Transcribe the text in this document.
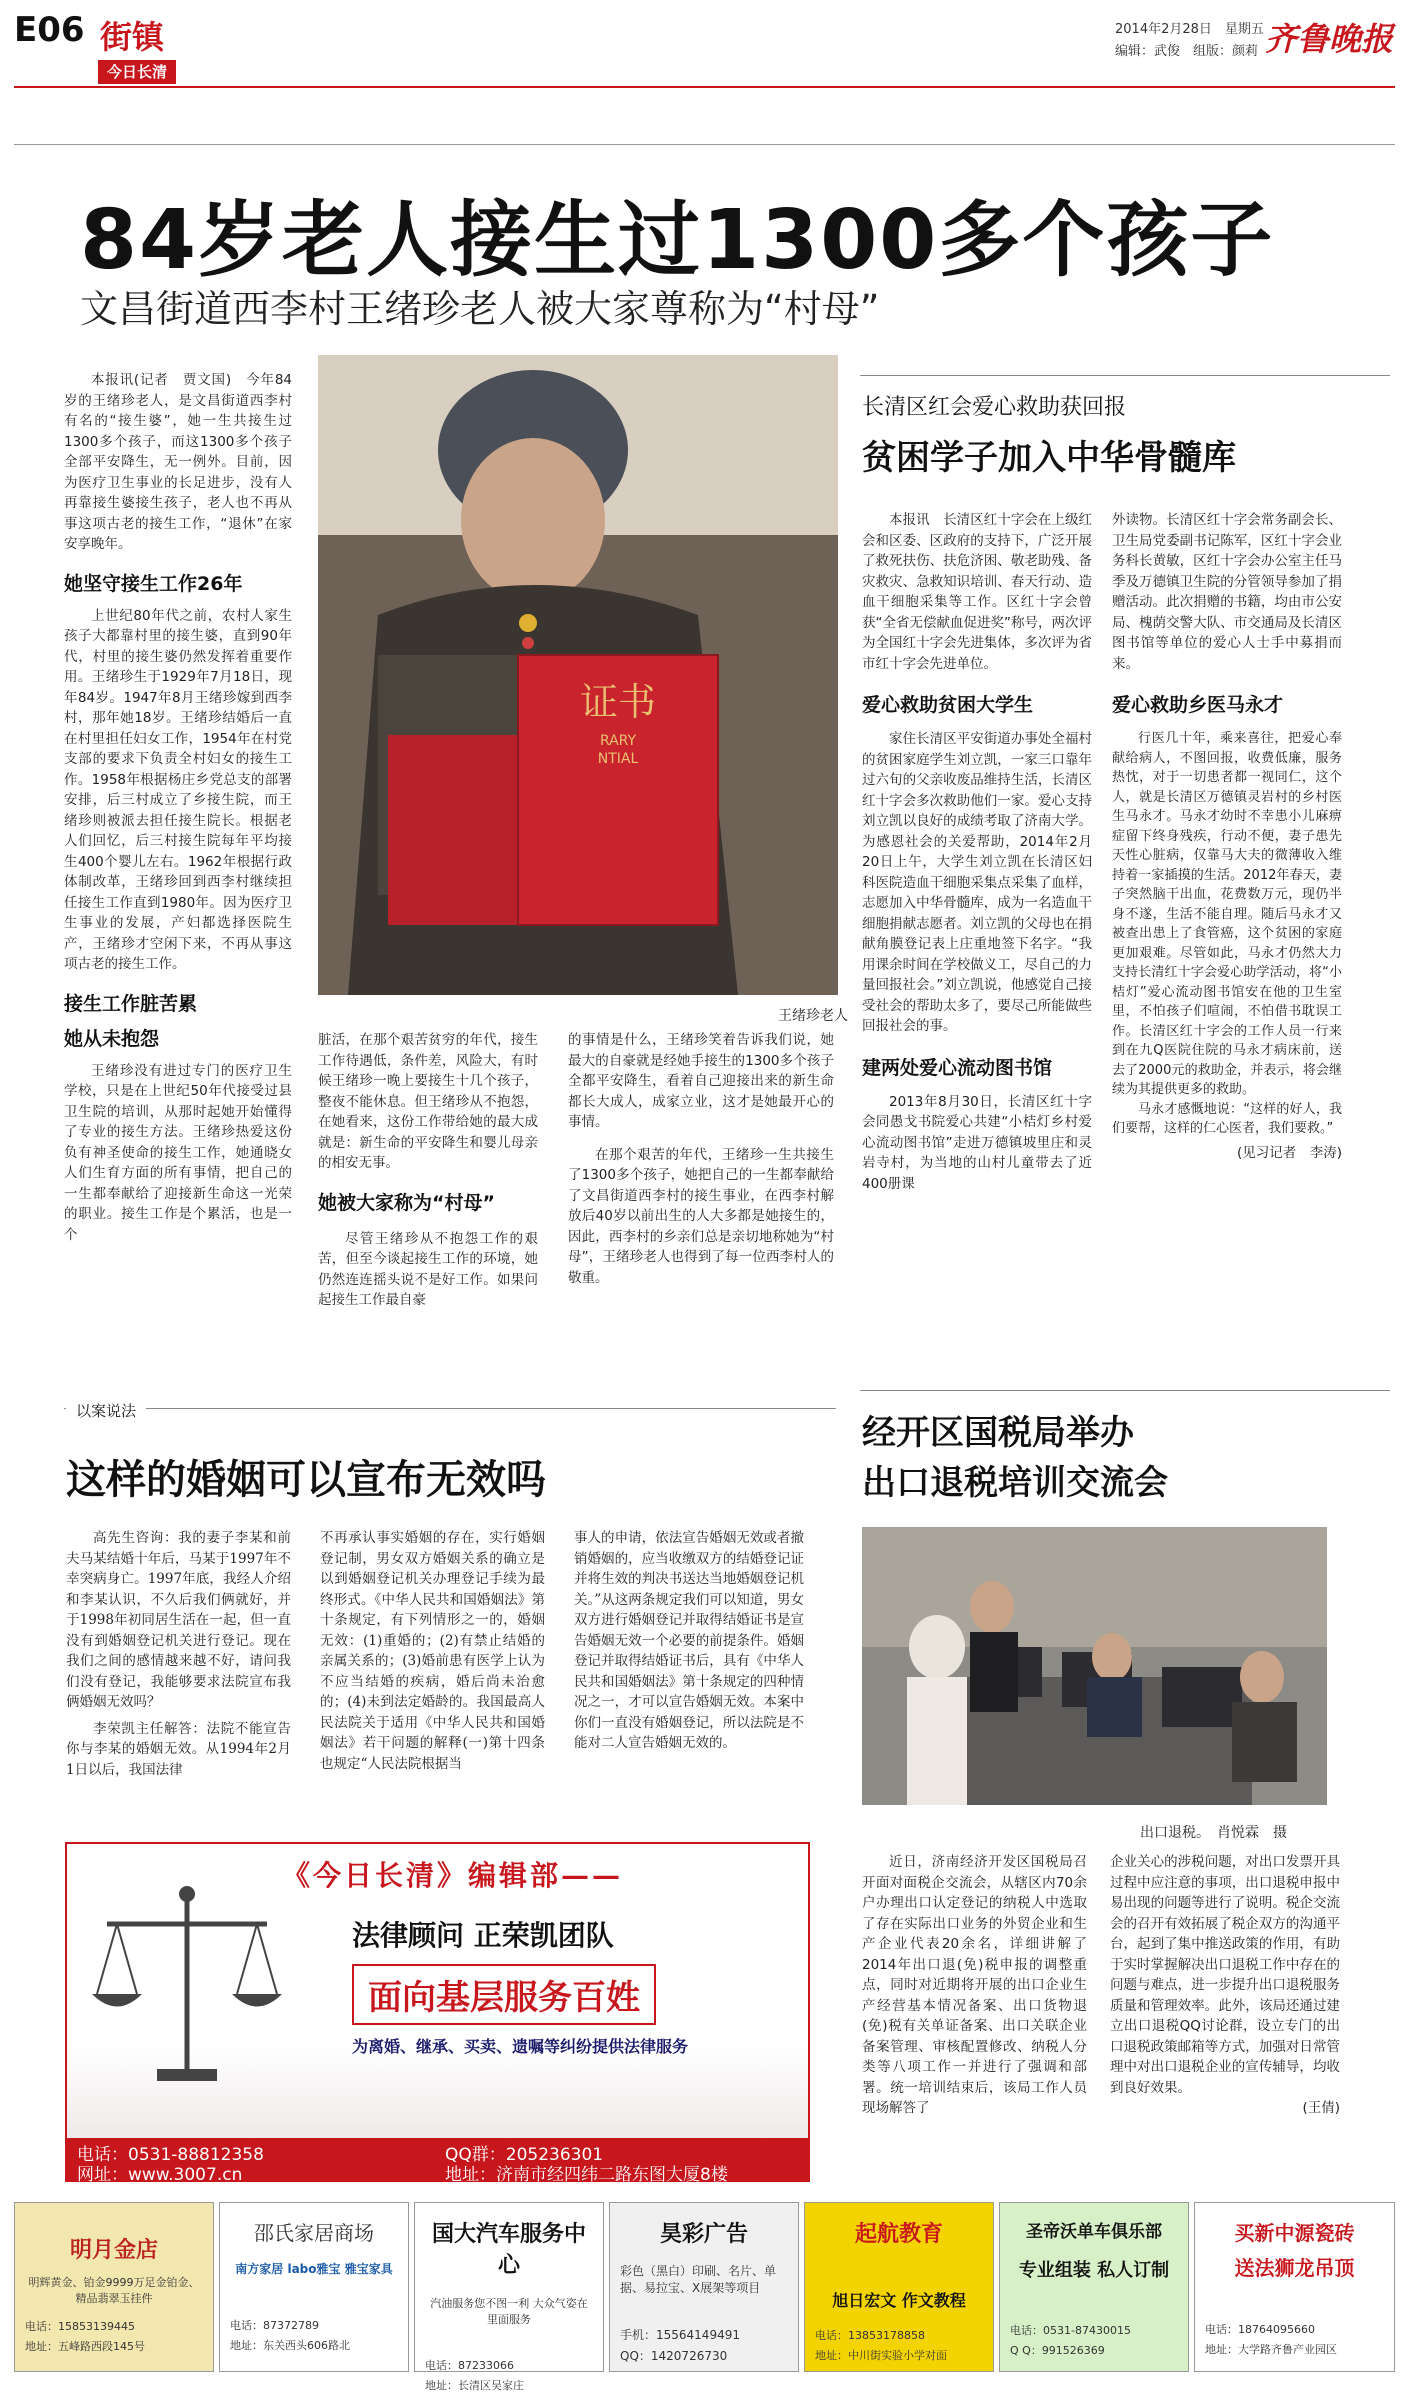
E06 街镇
今日长清
2014年2月28日　星期五
编辑：武俊　组版：颜莉 齐鲁晚报
84岁老人接生过1300多个孩子
文昌街道西李村王绪珍老人被大家尊称为“村母”

本报讯(记者　贾文国)　今年84岁的王绪珍老人，是文昌街道西李村有名的“接生婆”，她一生共接生过1300多个孩子，而这1300多个孩子全部平安降生，无一例外。目前，因为医疗卫生事业的长足进步，没有人再靠接生婆接生孩子，老人也不再从事这项古老的接生工作，“退休”在家安享晚年。

她坚守接生工作26年

上世纪80年代之前，农村人家生孩子大都靠村里的接生婆，直到90年代，村里的接生婆仍然发挥着重要作用。王绪珍生于1929年7月18日，现年84岁。1947年8月王绪珍嫁到西李村，那年她18岁。王绪珍结婚后一直在村里担任妇女工作，1954年在村党支部的要求下负责全村妇女的接生工作。1958年根据杨庄乡党总支的部署安排，后三村成立了乡接生院，而王绪珍则被派去担任接生院长。根据老人们回忆，后三村接生院每年平均接生400个婴儿左右。1962年根据行政体制改革，王绪珍回到西李村继续担任接生工作直到1980年。因为医疗卫生事业的发展，产妇都选择医院生产，王绪珍才空闲下来，不再从事这项古老的接生工作。

接生工作脏苦累

她从未抱怨

王绪珍没有进过专门的医疗卫生学校，只是在上世纪50年代接受过县卫生院的培训，从那时起她开始懂得了专业的接生方法。王绪珍热爱这份负有神圣使命的接生工作，她通晓女人们生育方面的所有事情，把自己的一生都奉献给了迎接新生命这一光荣的职业。接生工作是个累活，也是一个

证书
RARY
NTIAL
王绪珍老人

脏活，在那个艰苦贫穷的年代，接生工作待遇低，条件差，风险大，有时候王绪珍一晚上要接生十几个孩子，整夜不能休息。但王绪珍从不抱怨，在她看来，这份工作带给她的最大成就是：新生命的平安降生和婴儿母亲的相安无事。

她被大家称为“村母”

尽管王绪珍从不抱怨工作的艰苦，但至今谈起接生工作的环境，她仍然连连摇头说不是好工作。如果问起接生工作最自豪

的事情是什么，王绪珍笑着告诉我们说，她最大的自豪就是经她手接生的1300多个孩子全都平安降生，看着自己迎接出来的新生命都长大成人，成家立业，这才是她最开心的事情。

在那个艰苦的年代，王绪珍一生共接生了1300多个孩子，她把自己的一生都奉献给了文昌街道西李村的接生事业，在西李村解放后40岁以前出生的人大多都是她接生的，因此，西李村的乡亲们总是亲切地称她为“村母”，王绪珍老人也得到了每一位西李村人的敬重。

长清区红会爱心救助获回报
贫困学子加入中华骨髓库

本报讯　长清区红十字会在上级红会和区委、区政府的支持下，广泛开展了救死扶伤、扶危济困、敬老助残、备灾救灾、急救知识培训、春天行动、造血干细胞采集等工作。区红十字会曾获“全省无偿献血促进奖”称号，两次评为全国红十字会先进集体，多次评为省市红十字会先进单位。

爱心救助贫困大学生

家住长清区平安街道办事处全福村的贫困家庭学生刘立凯，一家三口靠年过六旬的父亲收废品维持生活，长清区红十字会多次救助他们一家。爱心支持刘立凯以良好的成绩考取了济南大学。为感恩社会的关爱帮助，2014年2月20日上午，大学生刘立凯在长清区妇科医院造血干细胞采集点采集了血样，志愿加入中华骨髓库，成为一名造血干细胞捐献志愿者。刘立凯的父母也在捐献角膜登记表上庄重地签下名字。“我用课余时间在学校做义工，尽自己的力量回报社会。”刘立凯说，他感觉自己接受社会的帮助太多了，要尽己所能做些回报社会的事。

建两处爱心流动图书馆

2013年8月30日，长清区红十字会同愚戈书院爱心共建“小桔灯乡村爱心流动图书馆”走进万德镇坡里庄和灵岩寺村，为当地的山村儿童带去了近400册课

外读物。长清区红十字会常务副会长、卫生局党委副书记陈军，区红十字会业务科长黄敏，区红十字会办公室主任马季及万德镇卫生院的分管领导参加了捐赠活动。此次捐赠的书籍，均由市公安局、槐荫交警大队、市交通局及长清区图书馆等单位的爱心人士手中募捐而来。

爱心救助乡医马永才

行医几十年，乘来喜往，把爱心奉献给病人，不图回报，收费低廉，服务热忱，对于一切患者都一视同仁，这个人，就是长清区万德镇灵岩村的乡村医生马永才。马永才幼时不幸患小儿麻痹症留下终身残疾，行动不便，妻子患先天性心脏病，仅靠马大夫的微薄收入维持着一家插摸的生活。2012年春天，妻子突然脑干出血，花费数万元，现仍半身不遂，生活不能自理。随后马永才又被查出患上了食管癌，这个贫困的家庭更加艰难。尽管如此，马永才仍然大力支持长清红十字会爱心助学活动，将“小桔灯”爱心流动图书馆安在他的卫生室里，不怕孩子们喧闹，不怕借书耽误工作。长清区红十字会的工作人员一行来到在九Q医院住院的马永才病床前，送去了2000元的救助金，并表示，将会继续为其提供更多的救助。

马永才感慨地说：“这样的好人，我们要帮，这样的仁心医者，我们要救。”

(见习记者　李涛)

以案说法
这样的婚姻可以宣布无效吗

高先生咨询：我的妻子李某和前夫马某结婚十年后，马某于1997年不幸突病身亡。1997年底，我经人介绍和李某认识，不久后我们俩就好，并于1998年初同居生活在一起，但一直没有到婚姻登记机关进行登记。现在我们之间的感情越来越不好，请问我们没有登记，我能够要求法院宣布我俩婚姻无效吗？

李荣凯主任解答：法院不能宣告你与李某的婚姻无效。从1994年2月1日以后，我国法律

不再承认事实婚姻的存在，实行婚姻登记制，男女双方婚姻关系的确立是以到婚姻登记机关办理登记手续为最终形式。《中华人民共和国婚姻法》第十条规定，有下列情形之一的，婚姻无效：(1)重婚的；(2)有禁止结婚的亲属关系的；(3)婚前患有医学上认为不应当结婚的疾病，婚后尚未治愈的；(4)未到法定婚龄的。我国最高人民法院关于适用《中华人民共和国婚姻法》若干问题的解释(一)第十四条也规定“人民法院根据当

事人的申请，依法宣告婚姻无效或者撤销婚姻的，应当收缴双方的结婚登记证并将生效的判决书送达当地婚姻登记机关。”从这两条规定我们可以知道，男女双方进行婚姻登记并取得结婚证书是宣告婚姻无效一个必要的前提条件。婚姻登记并取得结婚证书后，具有《中华人民共和国婚姻法》第十条规定的四种情况之一，才可以宣告婚姻无效。本案中你们一直没有婚姻登记，所以法院是不能对二人宣告婚姻无效的。

《今日长清》编辑部——
法律顾问 正荣凯团队
面向基层服务百姓
为离婚、继承、买卖、遗嘱等纠纷提供法律服务
电话：0531-88812358	QQ群：205236301
网址：www.3007.cn	地址：济南市经四纬二路东图大厦8楼
经开区国税局举办
出口退税培训交流会
出口退税。　肖悦霖　摄

近日，济南经济开发区国税局召开面对面税企交流会，从辖区内70余户办理出口认定登记的纳税人中选取了存在实际出口业务的外贸企业和生产企业代表20余名，详细讲解了2014年出口退(免)税申报的调整重点，同时对近期将开展的出口企业生产经营基本情况备案、出口货物退(免)税有关单证备案、出口关联企业备案管理、审核配置修改、纳税人分类等八项工作一并进行了强调和部署。统一培训结束后，该局工作人员现场解答了

企业关心的涉税问题，对出口发票开具过程中应注意的事项，出口退税申报中易出现的问题等进行了说明。税企交流会的召开有效拓展了税企双方的沟通平台，起到了集中推送政策的作用，有助于实时掌握解决出口退税工作中存在的问题与难点，进一步提升出口退税服务质量和管理效率。此外，该局还通过建立出口退税QQ讨论群，设立专门的出口退税政策邮箱等方式，加强对日常管理中对出口退税企业的宣传辅导，均收到良好效果。

(王倩)

明月金店
明辉黄金、铂金9999万足金铂金、精品翡翠玉挂件
电话：15853139445
地址：五峰路西段145号
邵氏家居商场
南方家居 labo雅宝 雅宝家具
电话：87372789
地址：东关西头606路北
国大汽车服务中心
汽油服务您不图一利 大众气姿在里面服务
电话：87233066
地址：长清区吴家庄
昊彩广告
彩色（黑白）印刷、名片、单据、易拉宝、X展架等项目
手机：15564149491
QQ：1420726730
起航教育
旭日宏文 作文教程
电话：13853178858
地址：中川街实验小学对面
圣帝沃单车俱乐部
专业组装 私人订制
电话：0531-87430015
Q Q：991526369
买新中源瓷砖
送法狮龙吊顶
电话：18764095660
地址：大学路齐鲁产业园区
